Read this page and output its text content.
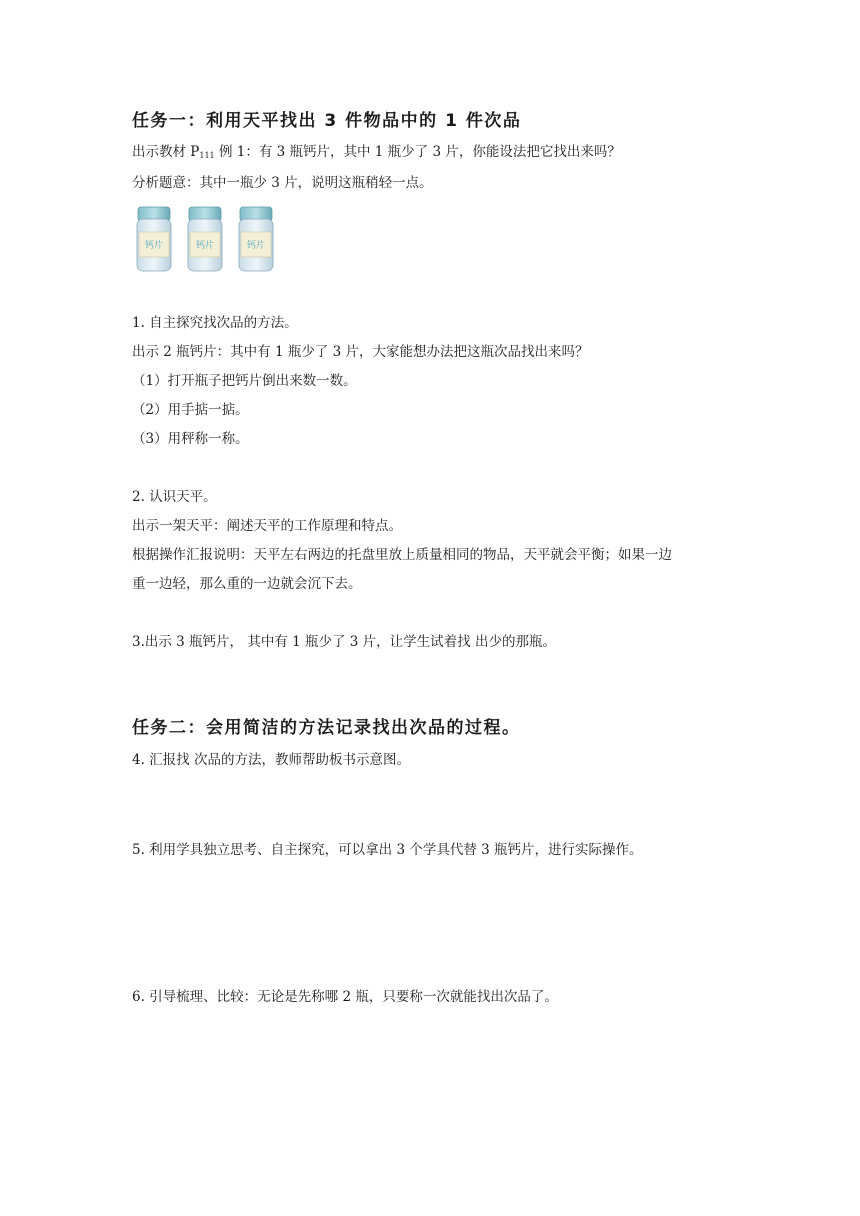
任务一：利用天平找出 3 件物品中的 1 件次品
出示教材 $P_{111}$ 例 1：有 3 瓶钙片，其中 1 瓶少了 3 片，你能设法把它找出来吗？
分析题意：其中一瓶少 3 片，说明这瓶稍轻一点。
钙片	钙片	钙片
1. 自主探究找次品的方法。
出示 2 瓶钙片：其中有 1 瓶少了 3 片，大家能想办法把这瓶次品找出来吗？
（1）打开瓶子把钙片倒出来数一数。
（2）用手掂一掂。
（3）用秤称一称。
2. 认识天平。
出示一架天平：阐述天平的工作原理和特点。
根据操作汇报说明：天平左右两边的托盘里放上质量相同的物品，天平就会平衡；如果一边
重一边轻，那么重的一边就会沉下去。
3.出示 3 瓶钙片， 其中有 1 瓶少了 3 片，让学生试着找 出少的那瓶。
任务二：会用简洁的方法记录找出次品的过程。
4. 汇报找 次品的方法，教师帮助板书示意图。
5. 利用学具独立思考、自主探究，可以拿出 3 个学具代替 3 瓶钙片，进行实际操作。
6. 引导梳理、比较：无论是先称哪 2 瓶，只要称一次就能找出次品了。
